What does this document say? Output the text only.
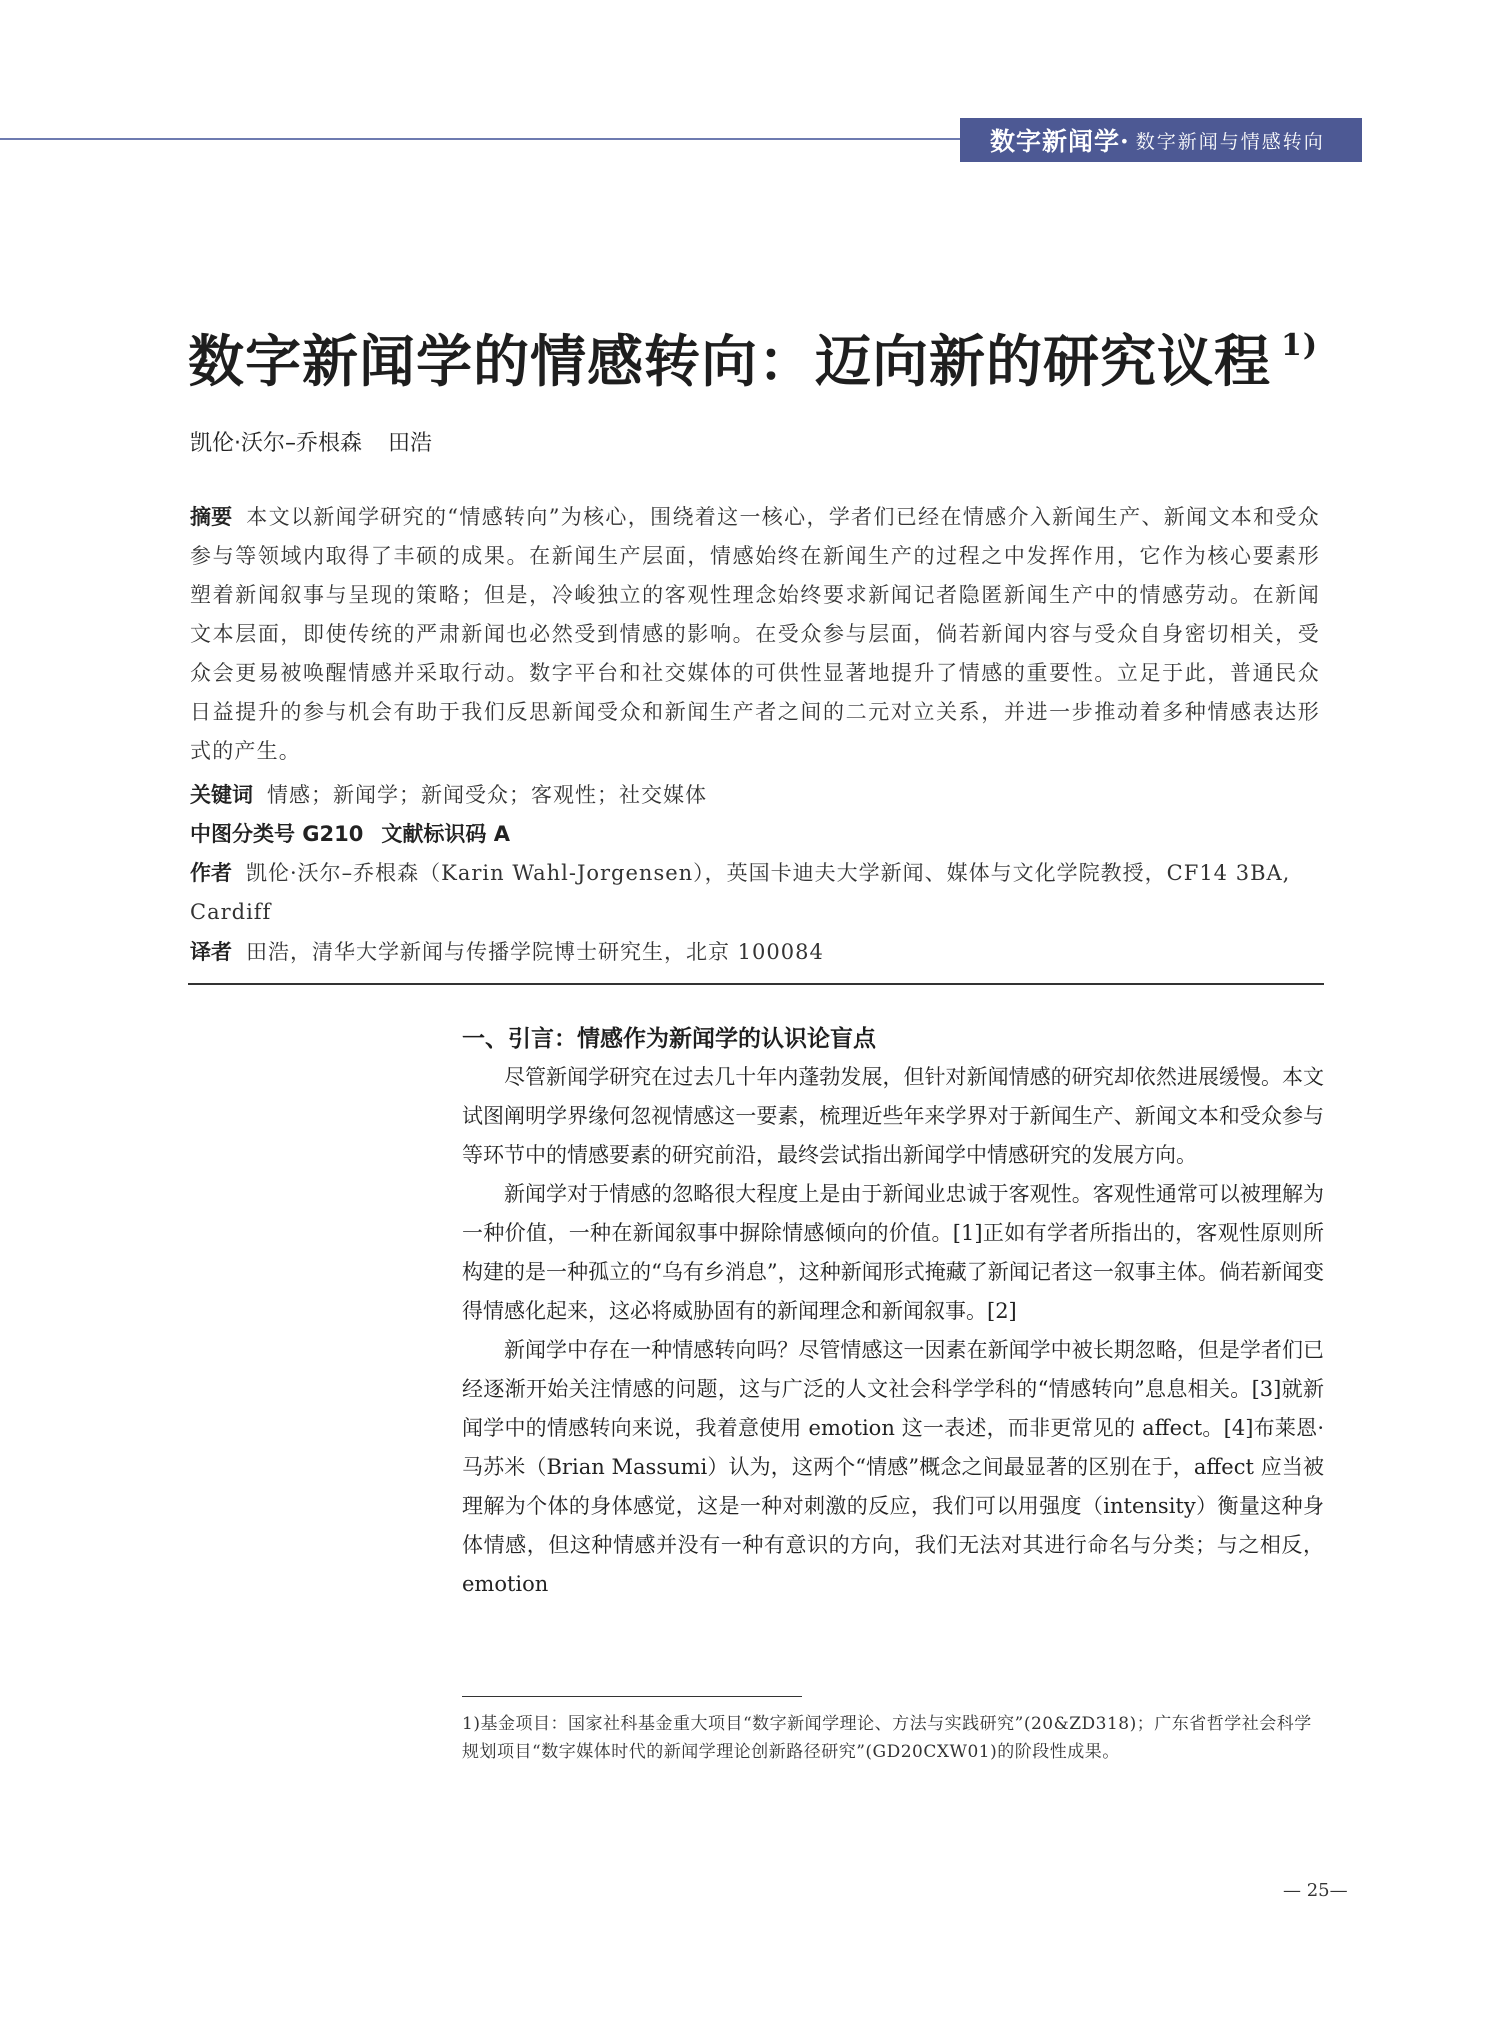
数字新闻学· 数字新闻与情感转向
数字新闻学的情感转向：迈向新的研究议程 $^{1)}$
凯伦·沃尔–乔根森 田浩
摘要 本文以新闻学研究的“情感转向”为核心，围绕着这一核心，学者们已经在情感介入新闻生产、新闻文本和受众参与等领域内取得了丰硕的成果。在新闻生产层面，情感始终在新闻生产的过程之中发挥作用，它作为核心要素形塑着新闻叙事与呈现的策略；但是，冷峻独立的客观性理念始终要求新闻记者隐匿新闻生产中的情感劳动。在新闻文本层面，即使传统的严肃新闻也必然受到情感的影响。在受众参与层面，倘若新闻内容与受众自身密切相关，受众会更易被唤醒情感并采取行动。数字平台和社交媒体的可供性显著地提升了情感的重要性。立足于此，普通民众日益提升的参与机会有助于我们反思新闻受众和新闻生产者之间的二元对立关系，并进一步推动着多种情感表达形式的产生。
关键词 情感；新闻学；新闻受众；客观性；社交媒体
中图分类号 G210 文献标识码 A
作者 凯伦·沃尔–乔根森（Karin Wahl-Jorgensen），英国卡迪夫大学新闻、媒体与文化学院教授，CF14 3BA, Cardiff
译者 田浩，清华大学新闻与传播学院博士研究生，北京 100084
一、引言：情感作为新闻学的认识论盲点

尽管新闻学研究在过去几十年内蓬勃发展，但针对新闻情感的研究却依然进展缓慢。本文试图阐明学界缘何忽视情感这一要素，梳理近些年来学界对于新闻生产、新闻文本和受众参与等环节中的情感要素的研究前沿，最终尝试指出新闻学中情感研究的发展方向。

新闻学对于情感的忽略很大程度上是由于新闻业忠诚于客观性。客观性通常可以被理解为一种价值，一种在新闻叙事中摒除情感倾向的价值。[1]正如有学者所指出的，客观性原则所构建的是一种孤立的“乌有乡消息”，这种新闻形式掩藏了新闻记者这一叙事主体。倘若新闻变得情感化起来，这必将威胁固有的新闻理念和新闻叙事。[2]

新闻学中存在一种情感转向吗？尽管情感这一因素在新闻学中被长期忽略，但是学者们已经逐渐开始关注情感的问题，这与广泛的人文社会科学学科的“情感转向”息息相关。[3]就新闻学中的情感转向来说，我着意使用 emotion 这一表述，而非更常见的 affect。[4]布莱恩·马苏米（Brian Massumi）认为，这两个“情感”概念之间最显著的区别在于，affect 应当被理解为个体的身体感觉，这是一种对刺激的反应，我们可以用强度（intensity）衡量这种身体情感，但这种情感并没有一种有意识的方向，我们无法对其进行命名与分类；与之相反，emotion

1)基金项目：国家社科基金重大项目“数字新闻学理论、方法与实践研究”(20&ZD318)；广东省哲学社会科学规划项目“数字媒体时代的新闻学理论创新路径研究”(GD20CXW01)的阶段性成果。
— 25—
